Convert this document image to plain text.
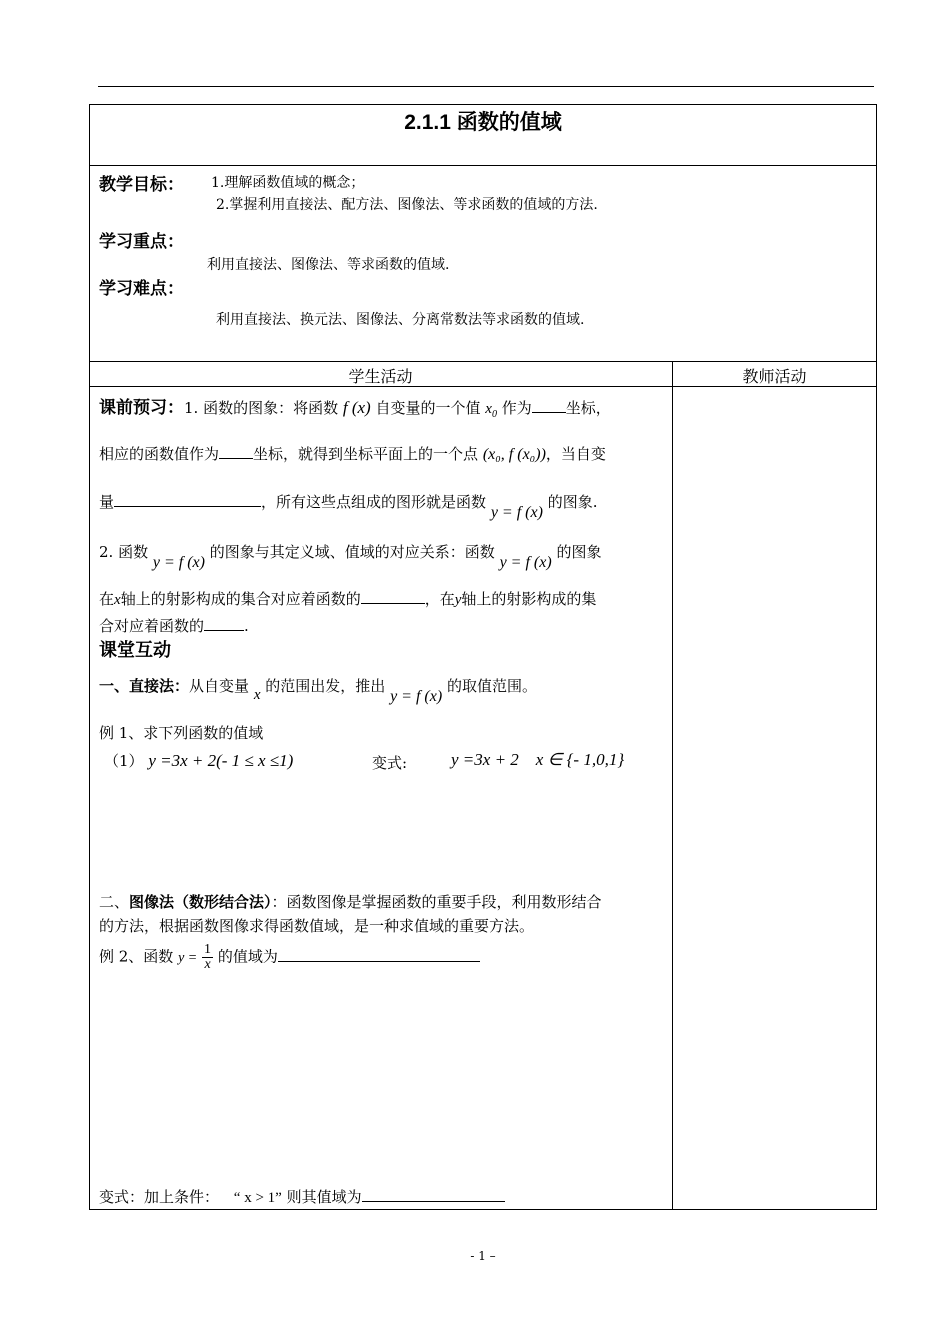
2.1.1 函数的值域
教学目标： 1.理解函数值域的概念；
2.掌握利用直接法、配方法、图像法、等求函数的值域的方法.
学习重点：
利用直接法、图像法、等求函数的值域.
学习难点：
利用直接法、换元法、图像法、分离常数法等求函数的值域.
学生活动	教师活动
课前预习：1. 函数的图象：将函数 f (x) 自变量的一个值 $x_0$ 作为 坐标，
相应的函数值作为 坐标，就得到坐标平面上的一个点 (x₀, f (x₀))，当自变
量	，所有这些点组成的图形就是函数 y = f (x) 的图象.
2. 函数 y = f (x) 的图象与其定义域、值域的对应关系：函数 y = f (x) 的图象
在x轴上的射影构成的集合对应着函数的	，在y轴上的射影构成的集
合对应着函数的	.
课堂互动
一、直接法：从自变量 x 的范围出发，推出 y = f (x) 的取值范围。
例 1、求下列函数的值域
（1） y =3x + 2(- 1 ≤ x ≤1)	变式:	y =3x + 2    x ∈ {- 1,0,1}
二、图像法（数形结合法）：函数图像是掌握函数的重要手段，利用数形结合
的方法，根据函数图像求得函数值域，是一种求值域的重要方法。
例 2、函数 $y = \frac{1}{x}$ 的值域为
变式：加上条件： “ x > 1” 则其值域为
- 1 –
